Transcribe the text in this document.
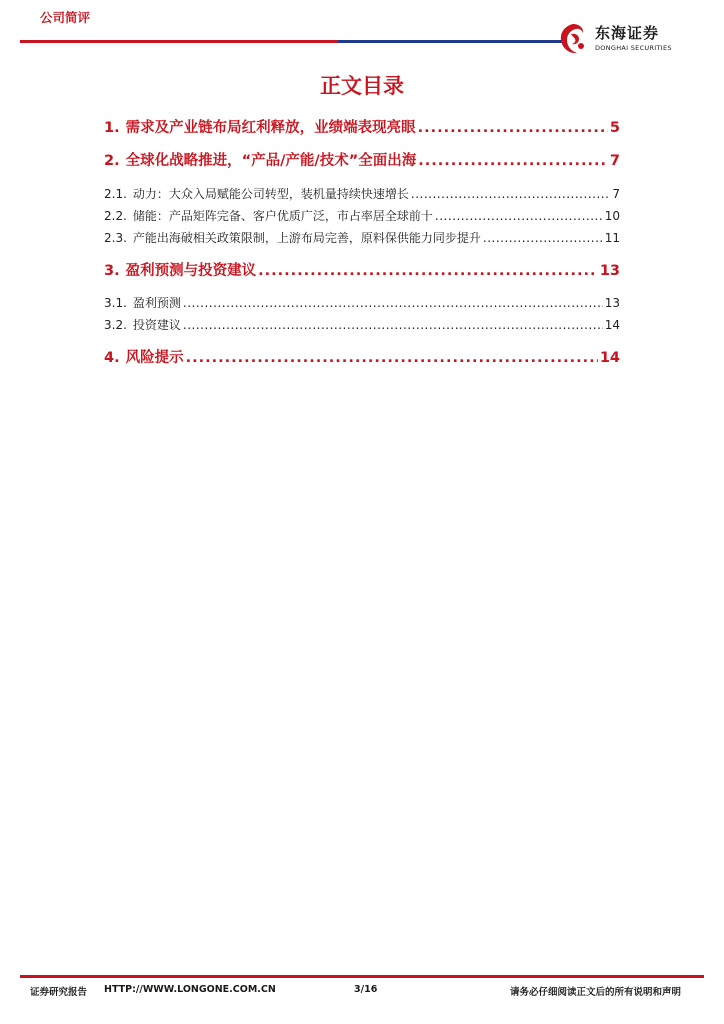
公司简评
东海证券
DONGHAI SECURITIES
正文目录
1. 需求及产业链布局红利释放，业绩端表现亮眼 .....	5
2. 全球化战略推进，“产品/产能/技术”全面出海 .....	7
2.1. 动力：大众入局赋能公司转型，装机量持续快速增长 .....	7
2.2. 储能：产品矩阵完备、客户优质广泛，市占率居全球前十 .....	10
2.3. 产能出海破相关政策限制，上游布局完善，原料保供能力同步提升 .....	11
3. 盈利预测与投资建议 .....	13
3.1. 盈利预测 .....	13
3.2. 投资建议 .....	14
4. 风险提示 .....	14
证券研究报告 HTTP://WWW.LONGONE.COM.CN	3/16	请务必仔细阅读正文后的所有说明和声明
